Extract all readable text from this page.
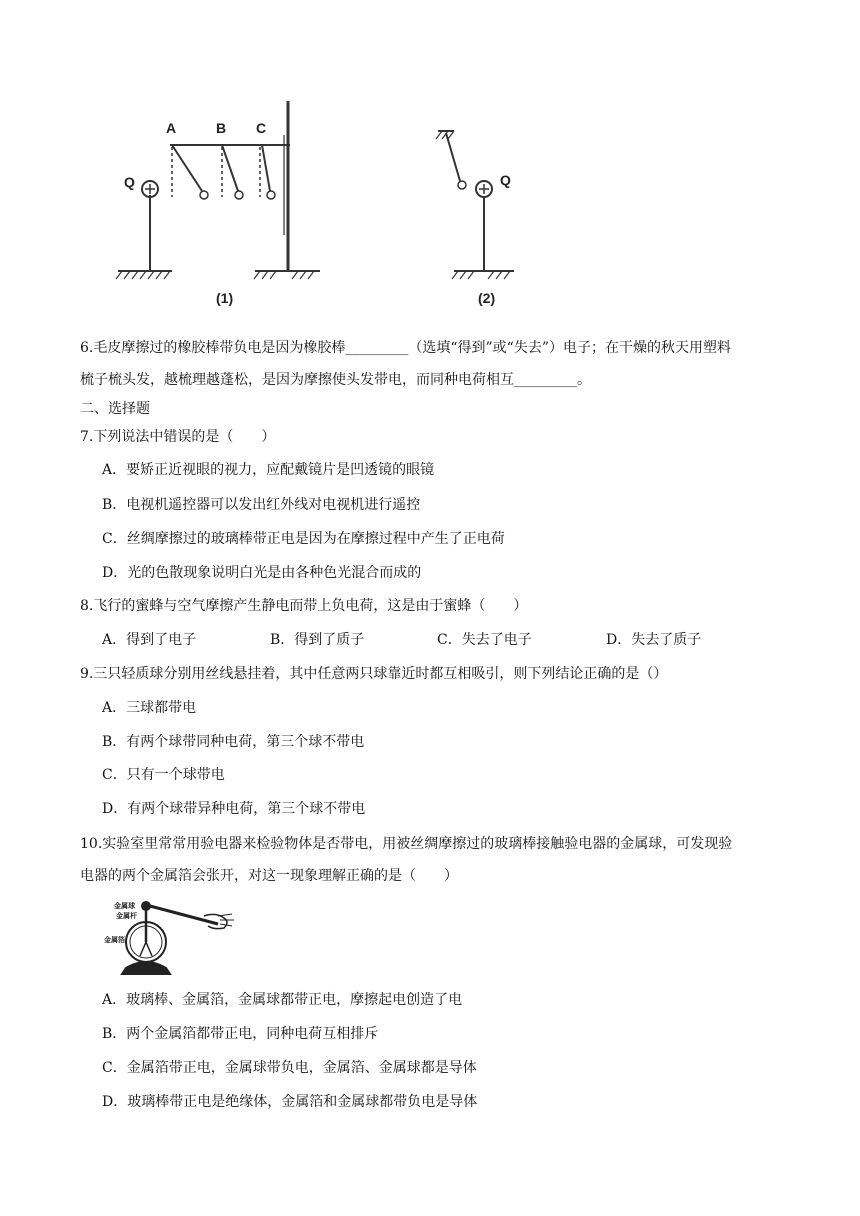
A	B C
Q	Q
(1)	(2)
6.毛皮摩擦过的橡胶棒带负电是因为橡胶棒_________（选填“得到”或“失去”）电子；在干燥的秋天用塑料
梳子梳头发，越梳理越蓬松，是因为摩擦使头发带电，而同种电荷相互_________。
二、选择题
7.下列说法中错误的是（　　）
A．要矫正近视眼的视力，应配戴镜片是凹透镜的眼镜
B．电视机遥控器可以发出红外线对电视机进行遥控
C．丝绸摩擦过的玻璃棒带正电是因为在摩擦过程中产生了正电荷
D．光的色散现象说明白光是由各种色光混合而成的
8.飞行的蜜蜂与空气摩擦产生静电而带上负电荷，这是由于蜜蜂（　　）
A．得到了电子	B．得到了质子	C．失去了电子	D．失去了质子
9.三只轻质球分别用丝线悬挂着，其中任意两只球靠近时都互相吸引，则下列结论正确的是（）
A．三球都带电
B．有两个球带同种电荷，第三个球不带电
C．只有一个球带电
D．有两个球带异种电荷，第三个球不带电
10.实验室里常常用验电器来检验物体是否带电，用被丝绸摩擦过的玻璃棒接触验电器的金属球，可发现验
电器的两个金属箔会张开，对这一现象理解正确的是（　　）
金属球
金属杆
金属箔
A．玻璃棒、金属箔，金属球都带正电，摩擦起电创造了电
B．两个金属箔都带正电，同种电荷互相排斥
C．金属箔带正电，金属球带负电，金属箔、金属球都是导体
D．玻璃棒带正电是绝缘体，金属箔和金属球都带负电是导体
